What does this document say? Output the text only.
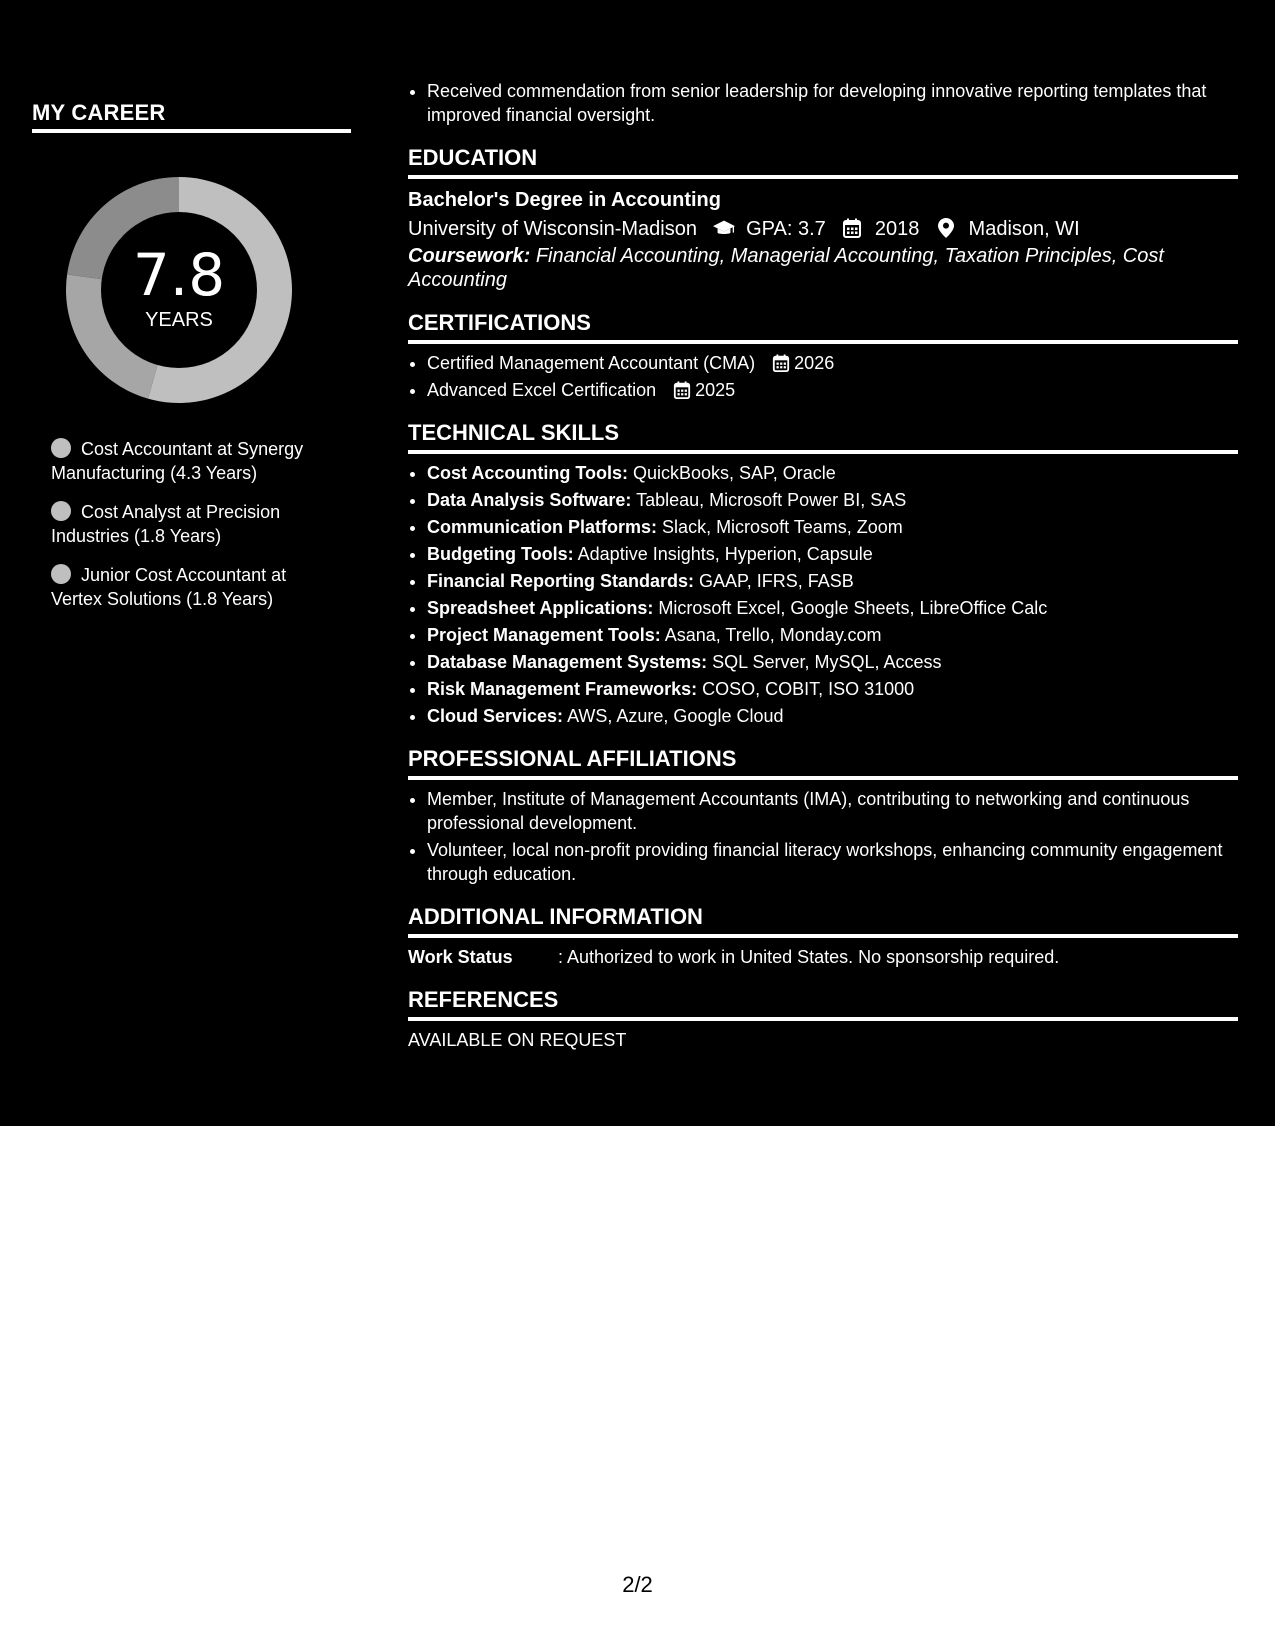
MY CAREER
7.8
YEARS
Cost Accountant at Synergy Manufacturing (4.3 Years)
Cost Analyst at Precision Industries (1.8 Years)
Junior Cost Accountant at Vertex Solutions (1.8 Years)
• Received commendation from senior leadership for developing innovative reporting templates that improved financial oversight.
EDUCATION
Bachelor's Degree in Accounting
University of Wisconsin-Madison GPA: 3.7 2018 Madison, WI
Coursework: Financial Accounting, Managerial Accounting, Taxation Principles, Cost Accounting
CERTIFICATIONS
• Certified Management Accountant (CMA) 2026
• Advanced Excel Certification 2025
TECHNICAL SKILLS
• Cost Accounting Tools: QuickBooks, SAP, Oracle
• Data Analysis Software: Tableau, Microsoft Power BI, SAS
• Communication Platforms: Slack, Microsoft Teams, Zoom
• Budgeting Tools: Adaptive Insights, Hyperion, Capsule
• Financial Reporting Standards: GAAP, IFRS, FASB
• Spreadsheet Applications: Microsoft Excel, Google Sheets, LibreOffice Calc
• Project Management Tools: Asana, Trello, Monday.com
• Database Management Systems: SQL Server, MySQL, Access
• Risk Management Frameworks: COSO, COBIT, ISO 31000
• Cloud Services: AWS, Azure, Google Cloud
PROFESSIONAL AFFILIATIONS
• Member, Institute of Management Accountants (IMA), contributing to networking and continuous professional development.
• Volunteer, local non-profit providing financial literacy workshops, enhancing community engagement through education.
ADDITIONAL INFORMATION
Work Status	: Authorized to work in United States. No sponsorship required.
REFERENCES
AVAILABLE ON REQUEST
2/2
